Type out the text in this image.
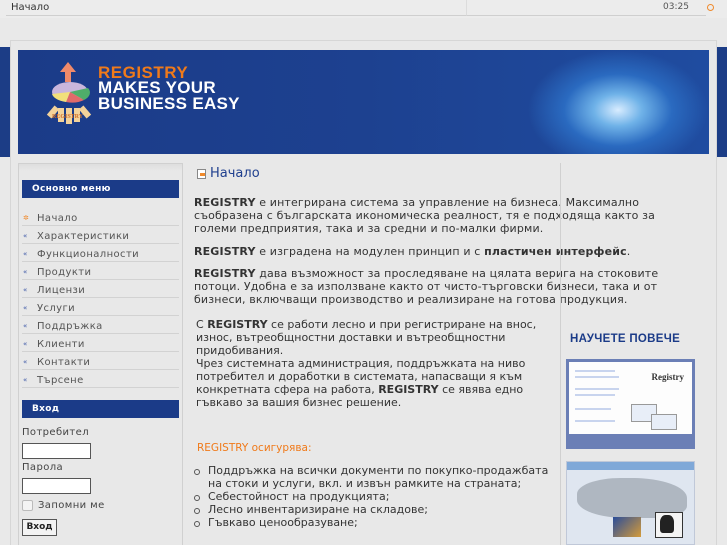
Начало	03:25
REGISTRY
REGISTRY
MAKES YOUR
BUSINESS EASY
Основно меню
✲ Начало
« Характеристики
« Функционалности
« Продукти
« Лицензи
« Услуги
« Поддръжка
« Клиенти
« Контакти
« Търсене
Вход
Потребител
Парола
Запомни ме
Вход
Начало

REGISTRY е интегрирана система за управление на бизнеса. Максимално съобразена с българската икономическа реалност, тя е подходяща както за големи предприятия, така и за средни и по-малки фирми.

REGISTRY е изградена на модулен принцип и с пластичен интерфейс.

REGISTRY дава възможност за проследяване на цялата верига на стоковите потоци. Удобна е за използване както от чисто-търговски бизнеси, така и от бизнеси, включващи производство и реализиране на готова продукция.

С REGISTRY се работи лесно и при регистриране на внос, износ, вътреобщностни доставки и вътреобщностни придобивания.
Чрез системната администрация, поддръжката на ниво потребител и доработки в системата, напасващи я към конкретната сфера на работа, REGISTRY се явява едно гъвкаво за вашия бизнес решение.

REGISTRY осигурява:
Поддръжка на всички документи по покупко-продажбата на стоки и услуги, вкл. и извън рамките на страната;
Себестойност на продукцията;
Лесно инвентаризиране на складове;
Гъвкаво ценообразуване;
НАУЧЕТЕ ПОВЕЧЕ
Registry
